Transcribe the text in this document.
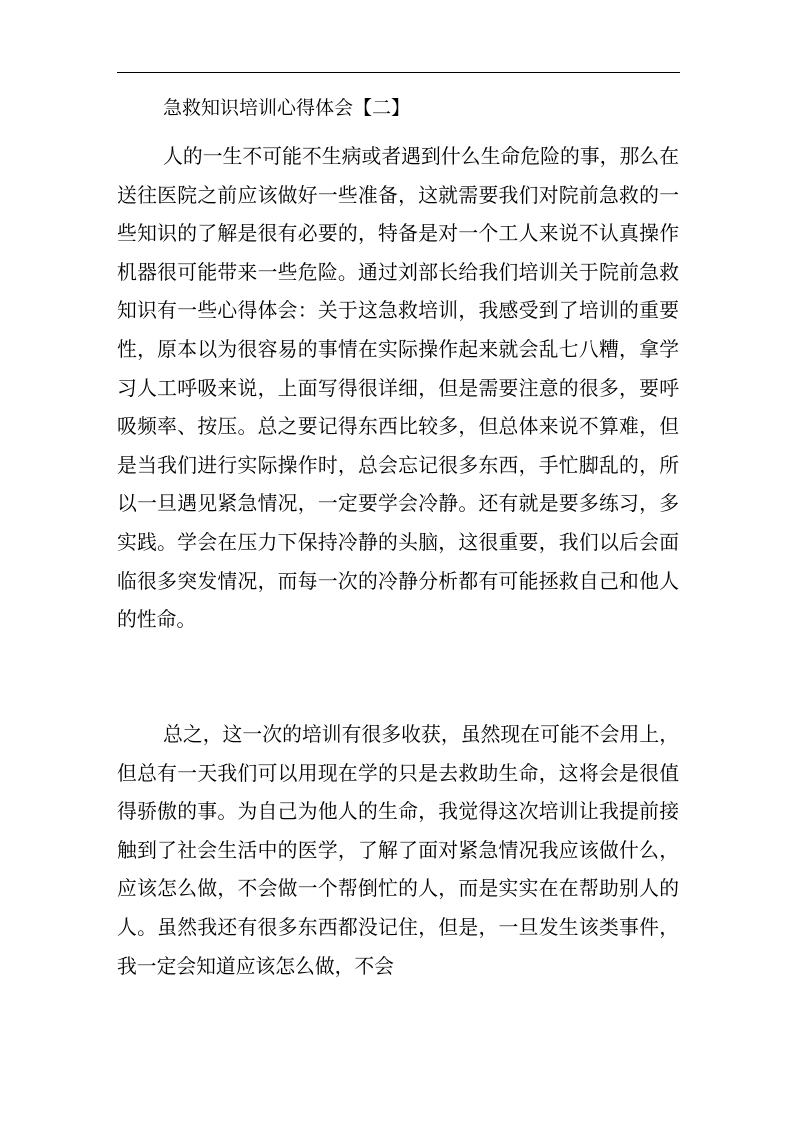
急救知识培训心得体会【二】

人的一生不可能不生病或者遇到什么生命危险的事，那么在送往医院之前应该做好一些准备，这就需要我们对院前急救的一些知识的了解是很有必要的，特备是对一个工人来说不认真操作机器很可能带来一些危险。通过刘部长给我们培训关于院前急救知识有一些心得体会：关于这急救培训，我感受到了培训的重要性，原本以为很容易的事情在实际操作起来就会乱七八糟，拿学习人工呼吸来说，上面写得很详细，但是需要注意的很多，要呼吸频率、按压。总之要记得东西比较多，但总体来说不算难，但是当我们进行实际操作时，总会忘记很多东西，手忙脚乱的，所以一旦遇见紧急情况，一定要学会冷静。还有就是要多练习，多实践。学会在压力下保持冷静的头脑，这很重要，我们以后会面临很多突发情况，而每一次的冷静分析都有可能拯救自己和他人的性命。

总之，这一次的培训有很多收获，虽然现在可能不会用上，但总有一天我们可以用现在学的只是去救助生命，这将会是很值得骄傲的事。为自己为他人的生命，我觉得这次培训让我提前接触到了社会生活中的医学，了解了面对紧急情况我应该做什么，应该怎么做，不会做一个帮倒忙的人，而是实实在在帮助别人的人。虽然我还有很多东西都没记住，但是，一旦发生该类事件，我一定会知道应该怎么做，不会
